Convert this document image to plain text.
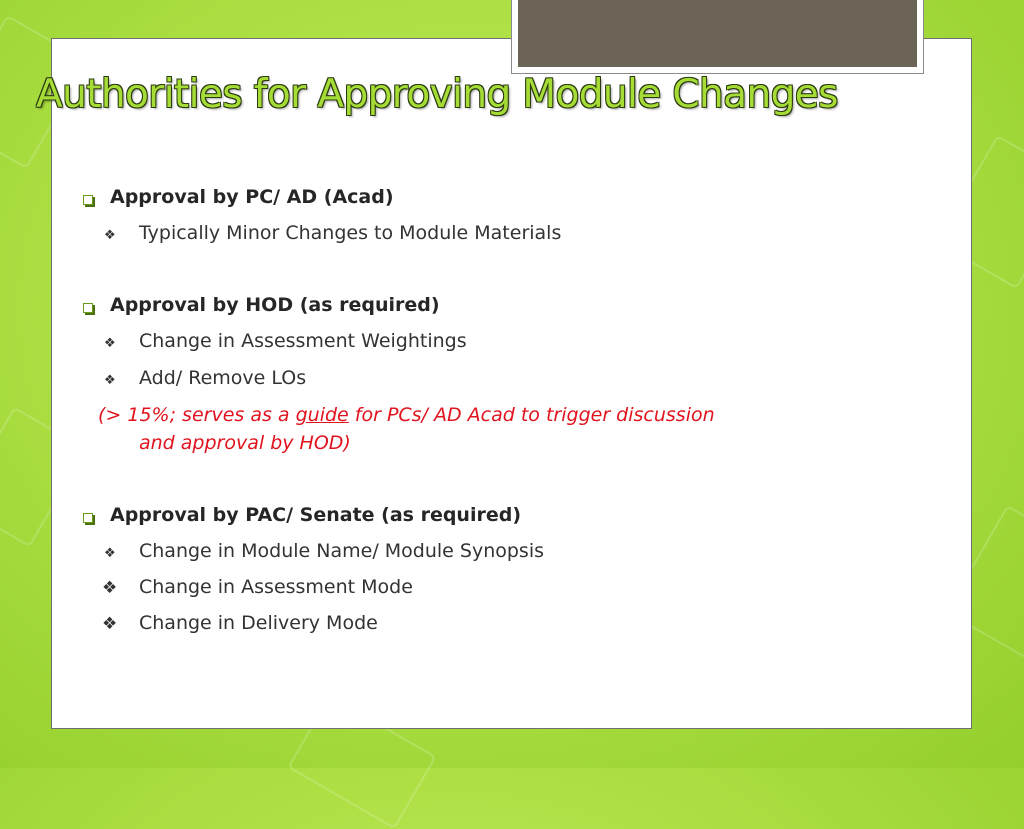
Authorities for Approving Module Changes
Approval by PC/ AD (Acad)
❖ Typically Minor Changes to Module Materials
Approval by HOD (as required)
❖ Change in Assessment Weightings
❖ Add/ Remove LOs
(> 15%; serves as a guide for PCs/ AD Acad to trigger discussion
and approval by HOD)
Approval by PAC/ Senate (as required)
❖ Change in Module Name/ Module Synopsis
❖ Change in Assessment Mode
❖ Change in Delivery Mode
